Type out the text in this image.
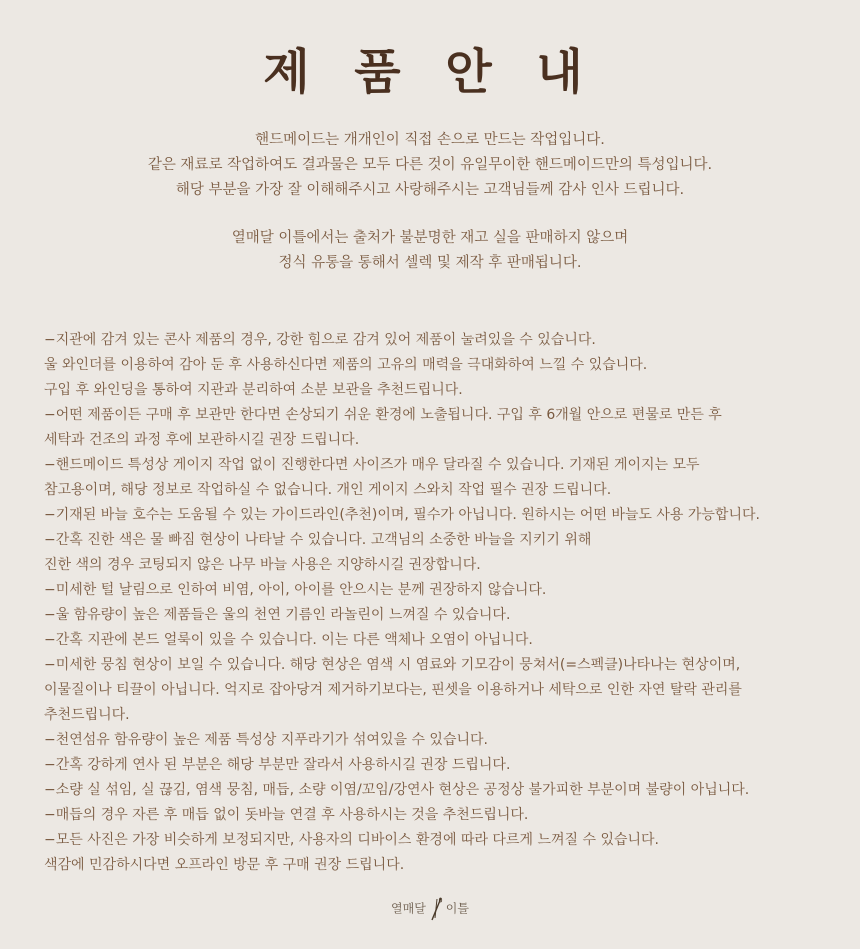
제 품 안 내
핸드메이드는 개개인이 직접 손으로 만드는 작업입니다.
같은 재료로 작업하여도 결과물은 모두 다른 것이 유일무이한 핸드메이드만의 특성입니다.
해당 부분을 가장 잘 이해해주시고 사랑해주시는 고객님들께 감사 인사 드립니다.
열매달 이틀에서는 출처가 불분명한 재고 실을 판매하지 않으며
정식 유통을 통해서 셀렉 및 제작 후 판매됩니다.
−지관에 감겨 있는 콘사 제품의 경우, 강한 힘으로 감겨 있어 제품이 눌려있을 수 있습니다.
울 와인더를 이용하여 감아 둔 후 사용하신다면 제품의 고유의 매력을 극대화하여 느낄 수 있습니다.
구입 후 와인딩을 통하여 지관과 분리하여 소분 보관을 추천드립니다.
−어떤 제품이든 구매 후 보관만 한다면 손상되기 쉬운 환경에 노출됩니다. 구입 후 6개월 안으로 편물로 만든 후
세탁과 건조의 과정 후에 보관하시길 권장 드립니다.
−핸드메이드 특성상 게이지 작업 없이 진행한다면 사이즈가 매우 달라질 수 있습니다. 기재된 게이지는 모두
참고용이며, 해당 정보로 작업하실 수 없습니다. 개인 게이지 스와치 작업 필수 권장 드립니다.
−기재된 바늘 호수는 도움될 수 있는 가이드라인(추천)이며, 필수가 아닙니다. 원하시는 어떤 바늘도 사용 가능합니다.
−간혹 진한 색은 물 빠짐 현상이 나타날 수 있습니다. 고객님의 소중한 바늘을 지키기 위해
진한 색의 경우 코팅되지 않은 나무 바늘 사용은 지양하시길 권장합니다.
−미세한 털 날림으로 인하여 비염, 아이, 아이를 안으시는 분께 권장하지 않습니다.
−울 함유량이 높은 제품들은 울의 천연 기름인 라놀린이 느껴질 수 있습니다.
−간혹 지관에 본드 얼룩이 있을 수 있습니다. 이는 다른 액체나 오염이 아닙니다.
−미세한 뭉침 현상이 보일 수 있습니다. 해당 현상은 염색 시 염료와 기모감이 뭉쳐서(=스펙클)나타나는 현상이며,
이물질이나 티끌이 아닙니다. 억지로 잡아당겨 제거하기보다는, 핀셋을 이용하거나 세탁으로 인한 자연 탈락 관리를
추천드립니다.
−천연섬유 함유량이 높은 제품 특성상 지푸라기가 섞여있을 수 있습니다.
−간혹 강하게 연사 된 부분은 해당 부분만 잘라서 사용하시길 권장 드립니다.
−소량 실 섞임, 실 끊김, 염색 뭉침, 매듭, 소량 이염/꼬임/강연사 현상은 공정상 불가피한 부분이며 불량이 아닙니다.
−매듭의 경우 자른 후 매듭 없이 돗바늘 연결 후 사용하시는 것을 추천드립니다.
−모든 사진은 가장 비슷하게 보정되지만, 사용자의 디바이스 환경에 따라 다르게 느껴질 수 있습니다.
색감에 민감하시다면 오프라인 방문 후 구매 권장 드립니다.
열매달 이틀
